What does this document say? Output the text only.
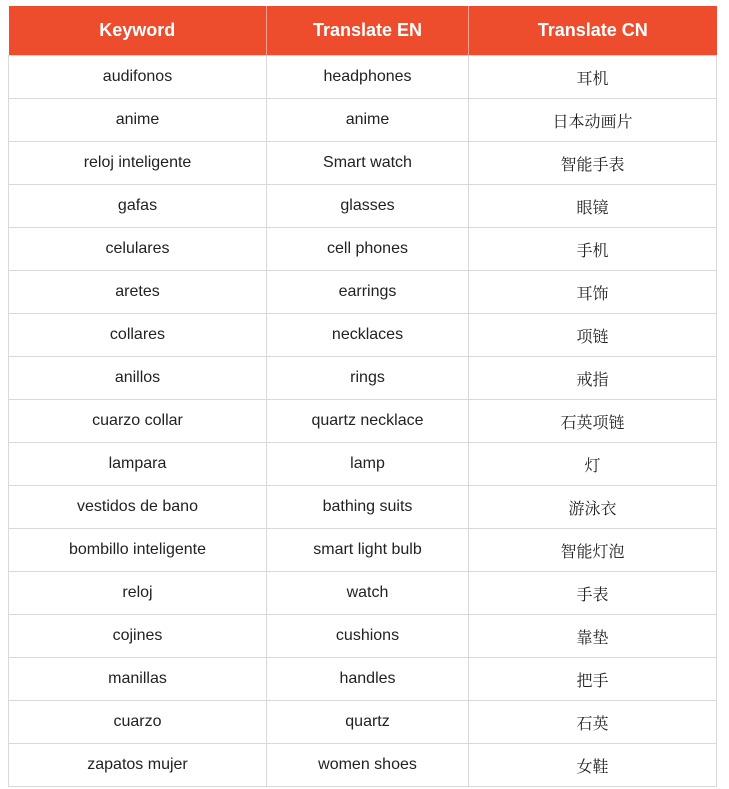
Keyword	Translate EN	Translate CN
audifonos	headphones	耳机
anime	anime	日本动画片
reloj inteligente	Smart watch	智能手表
gafas	glasses	眼镜
celulares	cell phones	手机
aretes	earrings	耳饰
collares	necklaces	项链
anillos	rings	戒指
cuarzo collar	quartz necklace	石英项链
lampara	lamp	灯
vestidos de bano	bathing suits	游泳衣
bombillo inteligente	smart light bulb	智能灯泡
reloj	watch	手表
cojines	cushions	靠垫
manillas	handles	把手
cuarzo	quartz	石英
zapatos mujer	women shoes	女鞋
